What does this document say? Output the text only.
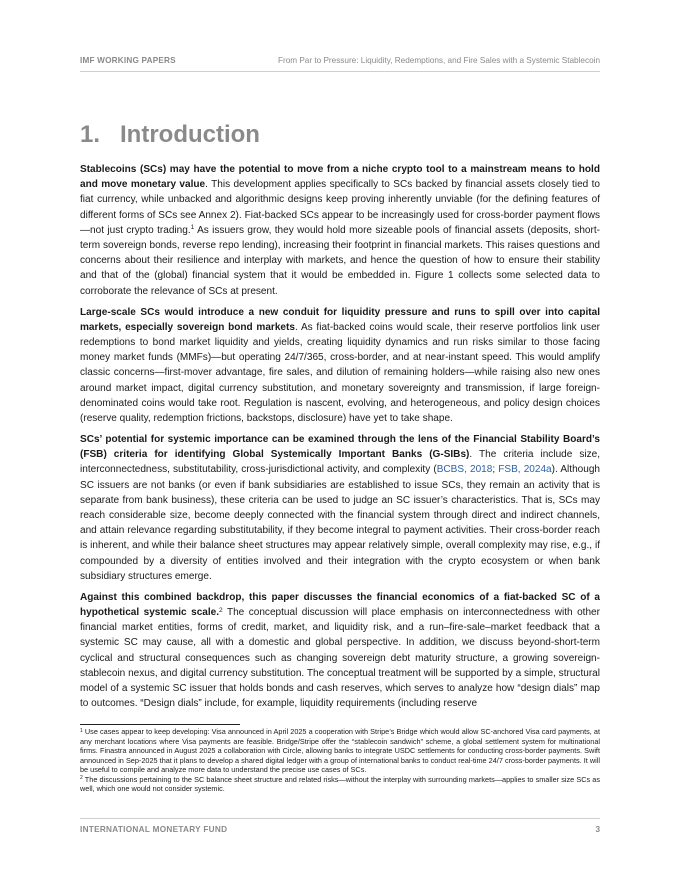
IMF WORKING PAPERS	From Par to Pressure: Liquidity, Redemptions, and Fire Sales with a Systemic Stablecoin
1. Introduction

Stablecoins (SCs) may have the potential to move from a niche crypto tool to a mainstream means to hold and move monetary value. This development applies specifically to SCs backed by financial assets closely tied to fiat currency, while unbacked and algorithmic designs keep proving inherently unviable (for the defining features of different forms of SCs see Annex 2). Fiat-backed SCs appear to be increasingly used for cross-border payment flows—not just crypto trading.$^1$ As issuers grow, they would hold more sizeable pools of financial assets (deposits, short-term sovereign bonds, reverse repo lending), increasing their footprint in financial markets. This raises questions and concerns about their resilience and interplay with markets, and hence the question of how to ensure their stability and that of the (global) financial system that it would be embedded in. Figure 1 collects some selected data to corroborate the relevance of SCs at present.

Large-scale SCs would introduce a new conduit for liquidity pressure and runs to spill over into capital markets, especially sovereign bond markets. As fiat-backed coins would scale, their reserve portfolios link user redemptions to bond market liquidity and yields, creating liquidity dynamics and run risks similar to those facing money market funds (MMFs)—but operating 24/7/365, cross-border, and at near-instant speed. This would amplify classic concerns—first-mover advantage, fire sales, and dilution of remaining holders—while raising also new ones around market impact, digital currency substitution, and monetary sovereignty and transmission, if large foreign-denominated coins would take root. Regulation is nascent, evolving, and heterogeneous, and policy design choices (reserve quality, redemption frictions, backstops, disclosure) have yet to take shape.

SCs’ potential for systemic importance can be examined through the lens of the Financial Stability Board’s (FSB) criteria for identifying Global Systemically Important Banks (G-SIBs). The criteria include size, interconnectedness, substitutability, cross-jurisdictional activity, and complexity (BCBS, 2018; FSB, 2024a). Although SC issuers are not banks (or even if bank subsidiaries are established to issue SCs, they remain an activity that is separate from bank business), these criteria can be used to judge an SC issuer’s characteristics. That is, SCs may reach considerable size, become deeply connected with the financial system through direct and indirect channels, and attain relevance regarding substitutability, if they become integral to payment activities. Their cross-border reach is inherent, and while their balance sheet structures may appear relatively simple, overall complexity may rise, e.g., if compounded by a diversity of entities involved and their integration with the crypto ecosystem or when bank subsidiary structures emerge.

Against this combined backdrop, this paper discusses the financial economics of a fiat-backed SC of a hypothetical systemic scale.$^2$ The conceptual discussion will place emphasis on interconnectedness with other financial market entities, forms of credit, market, and liquidity risk, and a run–fire-sale–market feedback that a systemic SC may cause, all with a domestic and global perspective. In addition, we discuss beyond-short-term cyclical and structural consequences such as changing sovereign debt maturity structure, a growing sovereign-stablecoin nexus, and digital currency substitution. The conceptual treatment will be supported by a simple, structural model of a systemic SC issuer that holds bonds and cash reserves, which serves to analyze how “design dials” map to outcomes. “Design dials” include, for example, liquidity requirements (including reserve

$^1$ Use cases appear to keep developing: Visa announced in April 2025 a cooperation with Stripe’s Bridge which would allow SC-anchored Visa card payments, at any merchant locations where Visa payments are feasible. Bridge/Stripe offer the “stablecoin sandwich” scheme, a global settlement system for multinational firms. Finastra announced in August 2025 a collaboration with Circle, allowing banks to integrate USDC settlements for conducting cross-border payments. Swift announced in Sep-2025 that it plans to develop a shared digital ledger with a group of international banks to conduct real-time 24/7 cross-border payments. It will be useful to compile and analyze more data to understand the precise use cases of SCs.

$^2$ The discussions pertaining to the SC balance sheet structure and related risks—without the interplay with surrounding markets—applies to smaller size SCs as well, which one would not consider systemic.

INTERNATIONAL MONETARY FUND	3
